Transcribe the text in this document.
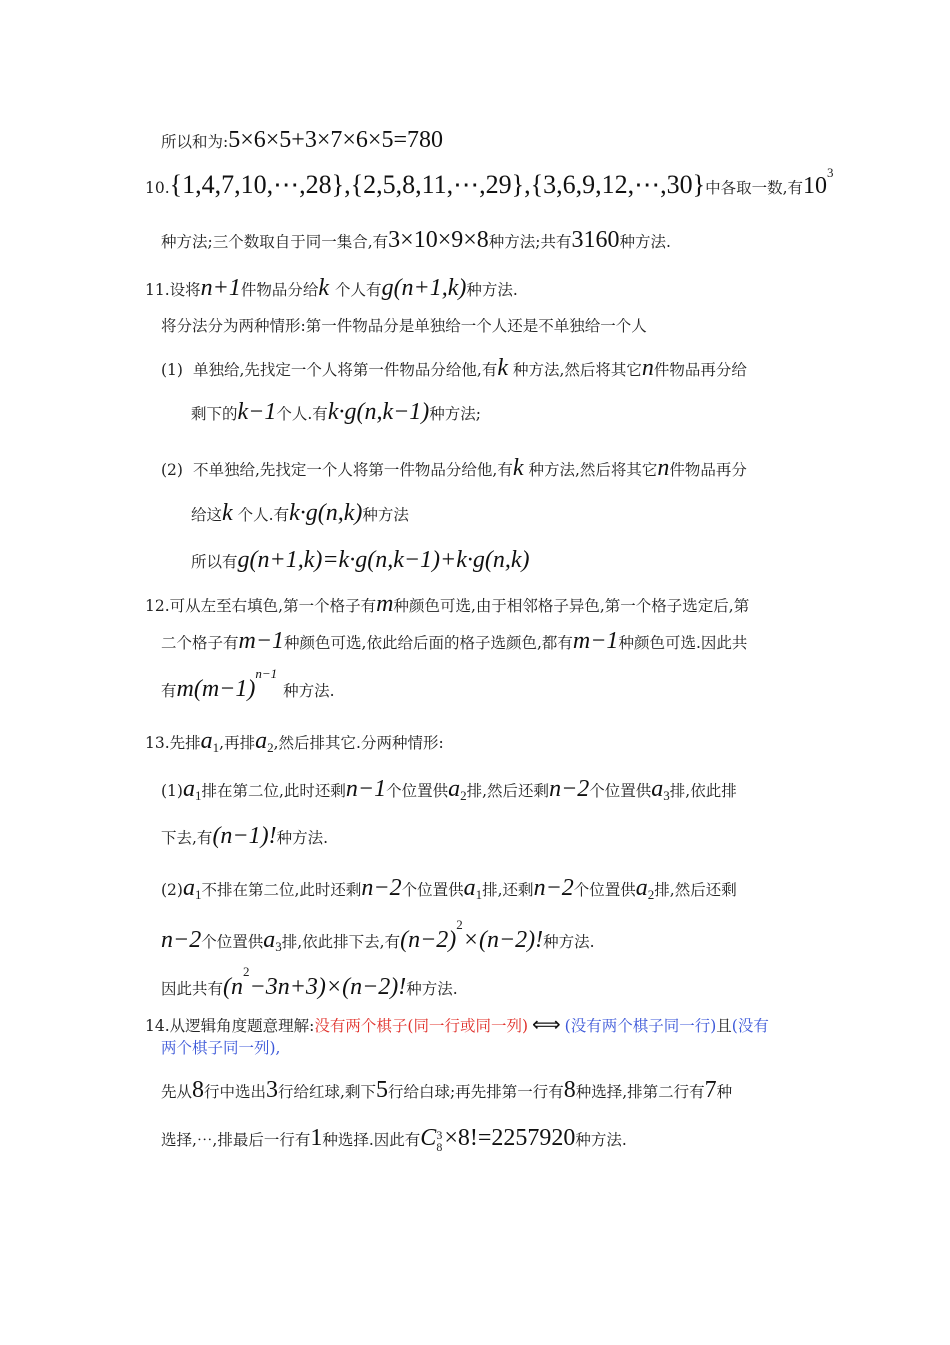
所以和为:5×6×5+3×7×6×5=780
10.{1,4,7,10,⋯,28},{2,5,8,11,⋯,29},{3,6,9,12,⋯,30}中各取一数,有$10^3$
种方法;三个数取自于同一集合,有3×10×9×8种方法;共有3160种方法.
11.设将n+1件物品分给k 个人有g(n+1,k)种方法.
将分法分为两种情形:第一件物品分是单独给一个人还是不单独给一个人
(1) 单独给,先找定一个人将第一件物品分给他,有k 种方法,然后将其它n件物品再分给
剩下的k−1个人.有k·g(n,k−1)种方法;
(2) 不单独给,先找定一个人将第一件物品分给他,有k 种方法,然后将其它n件物品再分
给这k 个人.有k·g(n,k)种方法
所以有g(n+1,k)=k·g(n,k−1)+k·g(n,k)
12.可从左至右填色,第一个格子有m种颜色可选,由于相邻格子异色,第一个格子选定后,第
二个格子有m−1种颜色可选,依此给后面的格子选颜色,都有m−1种颜色可选.因此共
有$m(m-1)^{n-1}$种方法.
13.先排$a_1$,再排$a_2$,然后排其它.分两种情形:
$(1)a_1$排在第二位,此时还剩n−1个位置供$a_2$排,然后还剩n−2个位置供$a_3$排,依此排
下去,有(n−1)!种方法.
$(2)a_1$不排在第二位,此时还剩n−2个位置供$a_1$排,还剩n−2个位置供$a_2$排,然后还剩
n−2个位置供$a_3$排,依此排下去,有$(n-2)^2\times(n-2)$!种方法.
因此共有$(n^2-3n+3)\times(n-2)$!种方法.
14.从逻辑角度题意理解:没有两个棋子(同一行或同一列) ⟺ (没有两个棋子同一行)且(没有
两个棋子同一列),
先从8行中选出3行给红球,剩下5行给白球;再先排第一行有8种选择,排第二行有7种
选择,⋯,排最后一行有1种选择.因此有C 3
8 ×8!=2257920种方法.
